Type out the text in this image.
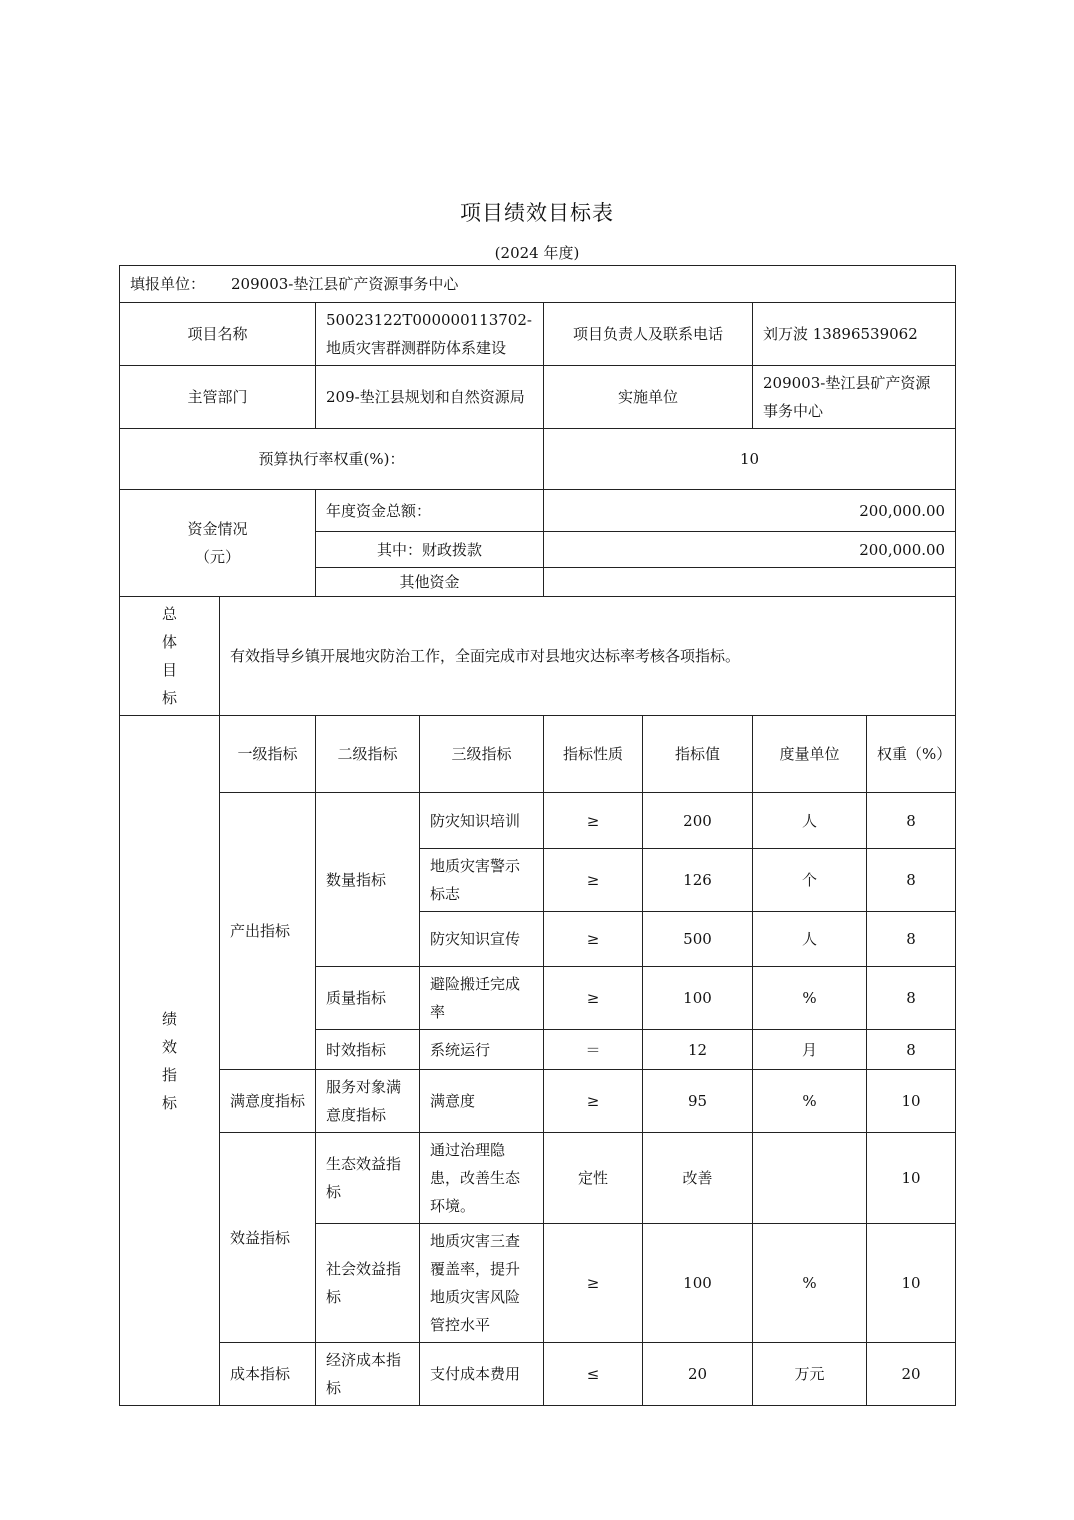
项目绩效目标表
(2024 年度)
填报单位： 209003-垫江县矿产资源事务中心							
项目名称		50023122T000000113702-地质灾害群测群防体系建设		项目负责人及联系电话		刘万波 13896539062	
主管部门		209-垫江县规划和自然资源局		实施单位		209003-垫江县矿产资源事务中心	
预算执行率权重(%)：				10			

资金情况
（元）		年度资金总额：		200,000.00			
		其中：财政拨款		200,000.00			
		其他资金					

总
体
目
标	有效指导乡镇开展地灾防治工作，全面完成市对县地灾达标率考核各项指标。						

绩
效
指
标	一级指标	二级指标	三级指标	指标性质	指标值	度量单位	权重（%）
	产出指标	数量指标	防灾知识培训	≥	200	人	8
			地质灾害警示标志	≥	126	个	8
			防灾知识宣传	≥	500	人	8
		质量指标	避险搬迁完成率	≥	100	%	8
		时效指标	系统运行	＝	12	月	8
	满意度指标	服务对象满意度指标	满意度	≥	95	%	10
	效益指标	生态效益指标	通过治理隐患，改善生态环境。	定性	改善		10
		社会效益指标	地质灾害三查覆盖率，提升地质灾害风险管控水平	≥	100	%	10
	成本指标	经济成本指标	支付成本费用	≤	20	万元	20
